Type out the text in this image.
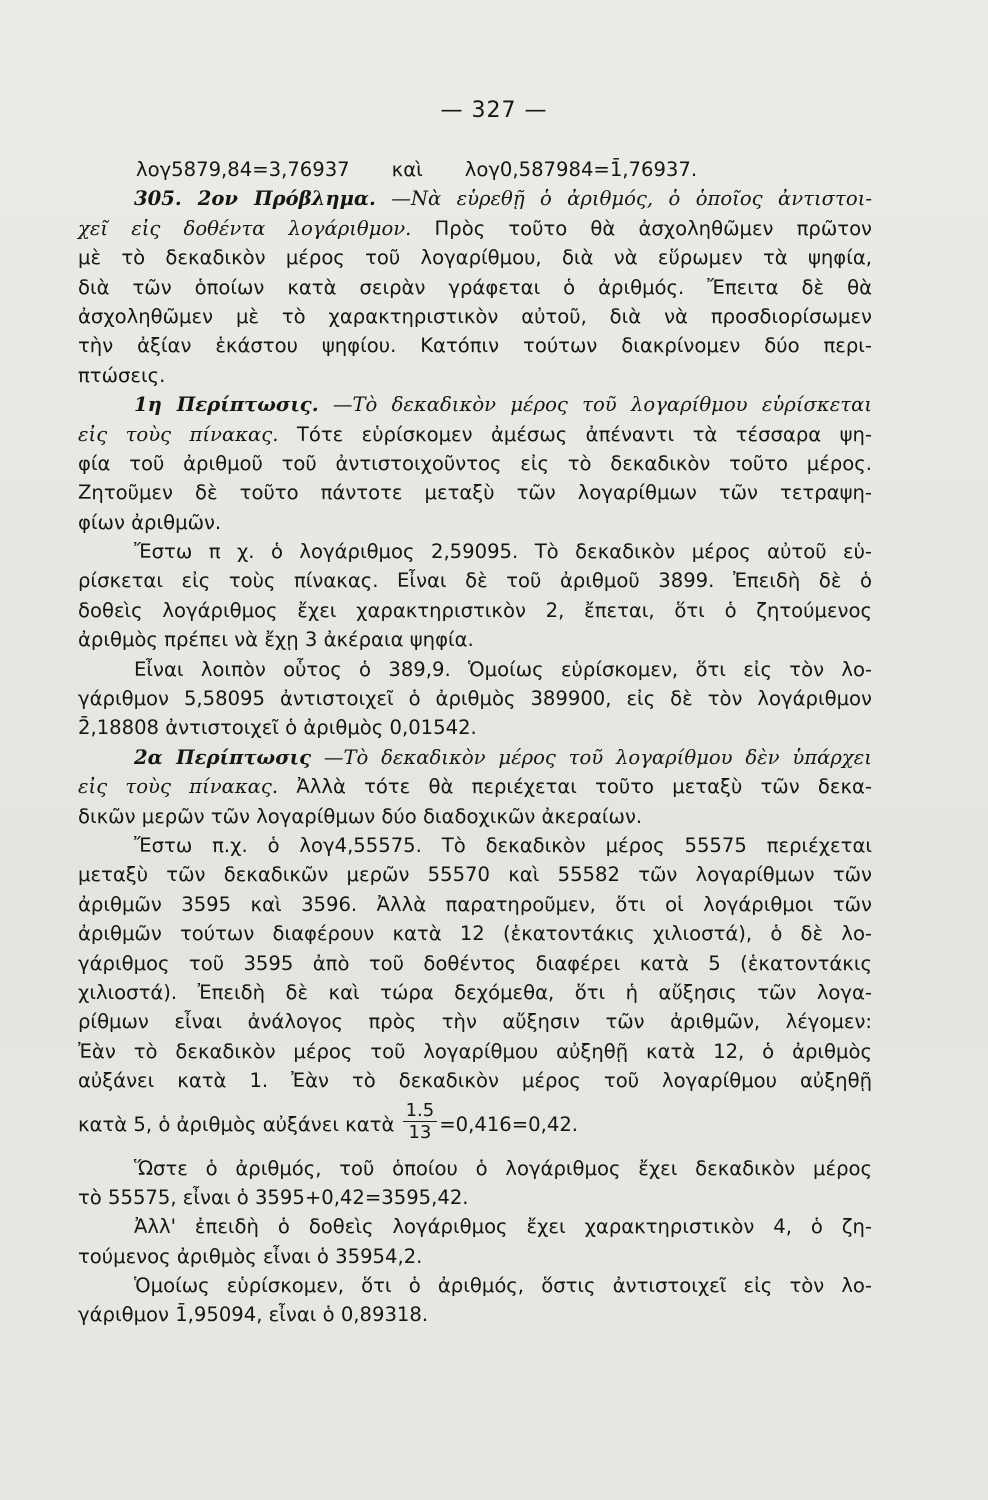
— 327 —
λογ5879,84=3,76937 καὶ λογ0,587984=1̄,76937.
305. 2ον Πρόβλημα. —Νὰ εὑρεθῇ ὁ ἀριθμός, ὁ ὁποῖος ἀντιστοι-
χεῖ εἰς δοθέντα λογάριθμον. Πρὸς τοῦτο θὰ ἀσχοληθῶμεν πρῶτον
μὲ τὸ δεκαδικὸν μέρος τοῦ λογαρίθμου, διὰ νὰ εὕρωμεν τὰ ψηφία,
διὰ τῶν ὁποίων κατὰ σειρὰν γράφεται ὁ ἀριθμός. Ἔπειτα δὲ θὰ
ἀσχοληθῶμεν μὲ τὸ χαρακτηριστικὸν αὐτοῦ, διὰ νὰ προσδιορίσωμεν
τὴν ἀξίαν ἑκάστου ψηφίου. Κατόπιν τούτων διακρίνομεν δύο περι-
πτώσεις.
1η Περίπτωσις. —Τὸ δεκαδικὸν μέρος τοῦ λογαρίθμου εὑρίσκεται
εἰς τοὺς πίνακας. Τότε εὑρίσκομεν ἀμέσως ἀπέναντι τὰ τέσσαρα ψη-
φία τοῦ ἀριθμοῦ τοῦ ἀντιστοιχοῦντος εἰς τὸ δεκαδικὸν τοῦτο μέρος.
Ζητοῦμεν δὲ τοῦτο πάντοτε μεταξὺ τῶν λογαρίθμων τῶν τετραψη-
φίων ἀριθμῶν.
Ἔστω π χ. ὁ λογάριθμος 2,59095. Τὸ δεκαδικὸν μέρος αὐτοῦ εὑ-
ρίσκεται εἰς τοὺς πίνακας. Εἶναι δὲ τοῦ ἀριθμοῦ 3899. Ἐπειδὴ δὲ ὁ
δοθεὶς λογάριθμος ἔχει χαρακτηριστικὸν 2, ἔπεται, ὅτι ὁ ζητούμενος
ἀριθμὸς πρέπει νὰ ἔχῃ 3 ἀκέραια ψηφία.
Εἶναι λοιπὸν οὗτος ὁ 389,9. Ὁμοίως εὑρίσκομεν, ὅτι εἰς τὸν λο-
γάριθμον 5,58095 ἀντιστοιχεῖ ὁ ἀριθμὸς 389900, εἰς δὲ τὸν λογάριθμον
2̄,18808 ἀντιστοιχεῖ ὁ ἀριθμὸς 0,01542.
2α Περίπτωσις —Τὸ δεκαδικὸν μέρος τοῦ λογαρίθμου δὲν ὑπάρχει
εἰς τοὺς πίνακας. Ἀλλὰ τότε θὰ περιέχεται τοῦτο μεταξὺ τῶν δεκα-
δικῶν μερῶν τῶν λογαρίθμων δύο διαδοχικῶν ἀκεραίων.
Ἔστω π.χ. ὁ λογ4,55575. Τὸ δεκαδικὸν μέρος 55575 περιέχεται
μεταξὺ τῶν δεκαδικῶν μερῶν 55570 καὶ 55582 τῶν λογαρίθμων τῶν
ἀριθμῶν 3595 καὶ 3596. Ἀλλὰ παρατηροῦμεν, ὅτι οἱ λογάριθμοι τῶν
ἀριθμῶν τούτων διαφέρουν κατὰ 12 (ἑκατοντάκις χιλιοστά), ὁ δὲ λο-
γάριθμος τοῦ 3595 ἀπὸ τοῦ δοθέντος διαφέρει κατὰ 5 (ἑκατοντάκις
χιλιοστά). Ἐπειδὴ δὲ καὶ τώρα δεχόμεθα, ὅτι ἡ αὔξησις τῶν λογα-
ρίθμων εἶναι ἀνάλογος πρὸς τὴν αὔξησιν τῶν ἀριθμῶν, λέγομεν:
Ἐὰν τὸ δεκαδικὸν μέρος τοῦ λογαρίθμου αὐξηθῇ κατὰ 12, ὁ ἀριθμὸς
αὐξάνει κατὰ 1. Ἐὰν τὸ δεκαδικὸν μέρος τοῦ λογαρίθμου αὐξηθῇ
κατὰ 5, ὁ ἀριθμὸς αὐξάνει κατὰ $\frac{1.5}{13} =0,416=0,42$.
Ὥστε ὁ ἀριθμός, τοῦ ὁποίου ὁ λογάριθμος ἔχει δεκαδικὸν μέρος
τὸ 55575, εἶναι ὁ 3595+0,42=3595,42.
Ἀλλ' ἐπειδὴ ὁ δοθεὶς λογάριθμος ἔχει χαρακτηριστικὸν 4, ὁ ζη-
τούμενος ἀριθμὸς εἶναι ὁ 35954,2.
Ὁμοίως εὑρίσκομεν, ὅτι ὁ ἀριθμός, ὅστις ἀντιστοιχεῖ εἰς τὸν λο-
γάριθμον 1̄,95094, εἶναι ὁ 0,89318.
